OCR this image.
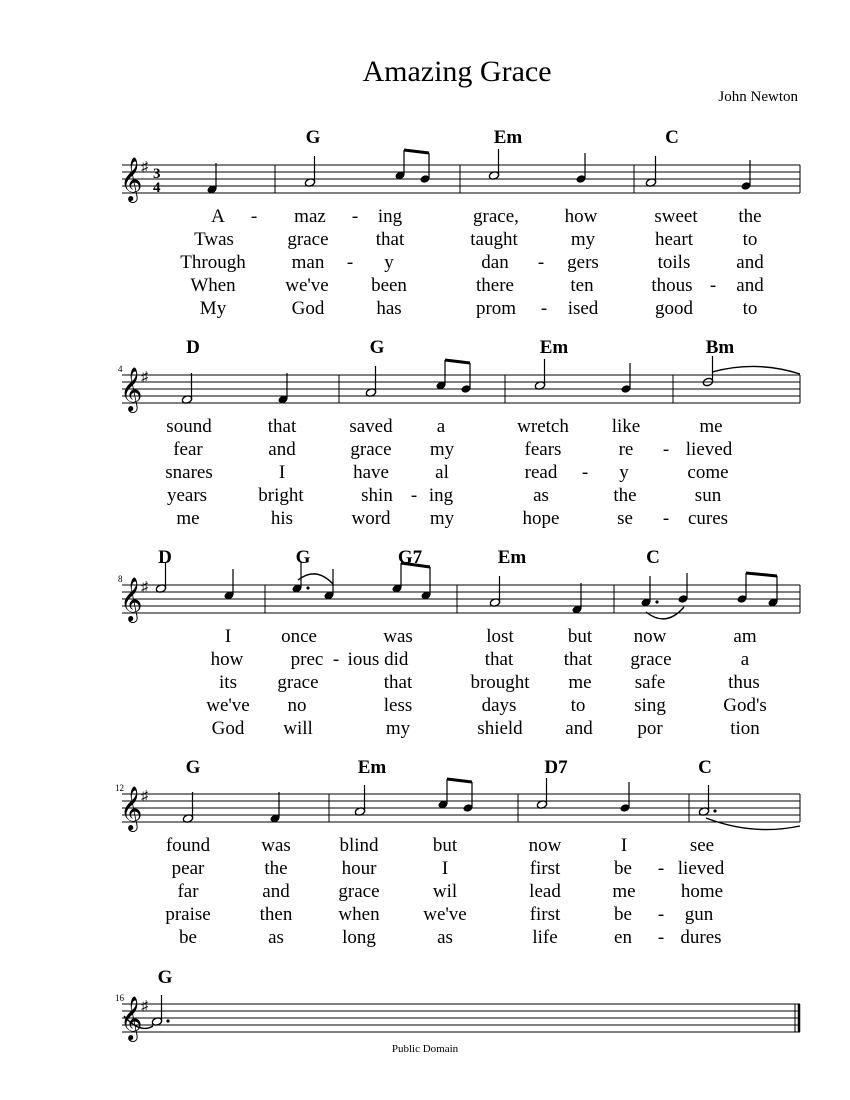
Amazing Grace
John Newton
Public Domain
𝄞
♯ 3
4
G	Em	C
A - maz - ing	grace, how	sweet the
Twas	grace that	taught	my	heart	to
Through man - y	dan - gers	toils and
When	we've been	there	ten	thous - and
My	God	has	prom - ised	good	to
4
𝄞
♯
D	G	Em	Bm
sound	that	saved a	wretch like	me
fear	and	grace my	fears	re - lieved
snares	I	have al	read - y	come
years	bright	shin - ing	as	the	sun
me	his	word my	hope	se - cures
8
𝄞
♯
D	G	G7	Em	C
I	once	was	lost	but now	am
how prec - ious did	that	that grace	a
its grace	that	brought me safe	thus
we've no	less	days	to	sing	God's
God will	my	shield and por	tion
12
𝄞
♯
G	Em	D7	C
found	was	blind	but	now	I	see
pear	the	hour	I	first	be - lieved
far	and	grace	wil	lead	me home
praise	then when we've	first	be - gun
be	as	long	as	life	en - dures
16
𝄞
♯
G
